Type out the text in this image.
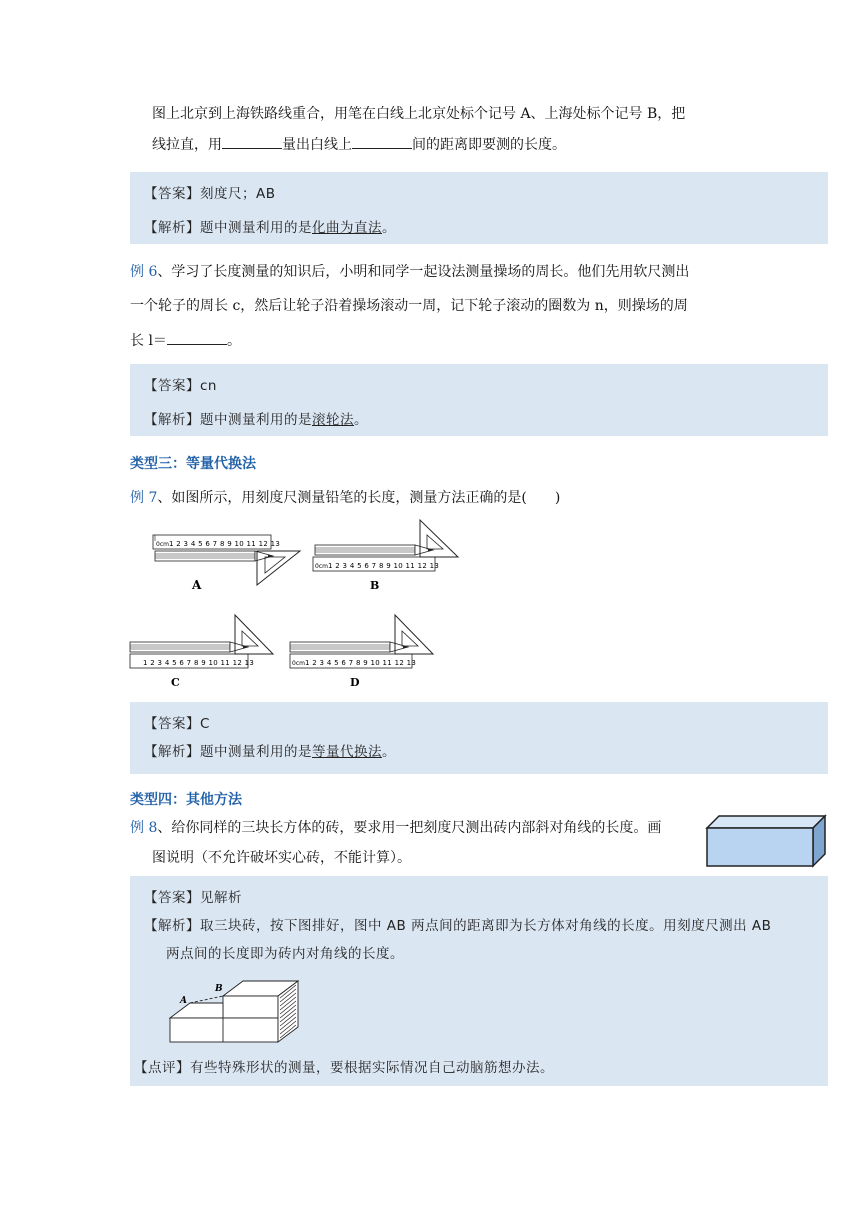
图上北京到上海铁路线重合，用笔在白线上北京处标个记号 A、上海处标个记号 B，把
线拉直，用	量出白线上	间的距离即要测的长度。
【答案】刻度尺；AB
【解析】题中测量利用的是化曲为直法。
例 6、学习了长度测量的知识后，小明和同学一起设法测量操场的周长。他们先用软尺测出
一个轮子的周长 c，然后让轮子沿着操场滚动一周，记下轮子滚动的圈数为 n，则操场的周
长 l＝	。
【答案】cn
【解析】题中测量利用的是滚轮法。
类型三：等量代换法
例 7、如图所示，用刻度尺测量铅笔的长度，测量方法正确的是(　　)
0cm 1 2 3 4 5 6 7 8 9 10 11 12 13
A
0cm 1 2 3 4 5 6 7 8 9 10 11 12 13
B
1 2 3 4 5 6 7 8 9 10 11 12 13
C
0cm 1 2 3 4 5 6 7 8 9 10 11 12 13
D
【答案】C
【解析】题中测量利用的是等量代换法。
类型四：其他方法
例 8、给你同样的三块长方体的砖，要求用一把刻度尺测出砖内部斜对角线的长度。画
图说明（不允许破坏实心砖，不能计算）。
【答案】见解析
【解析】取三块砖，按下图排好，图中 AB 两点间的距离即为长方体对角线的长度。用刻度尺测出 AB
两点间的长度即为砖内对角线的长度。
A
B
【点评】有些特殊形状的测量，要根据实际情况自己动脑筋想办法。
